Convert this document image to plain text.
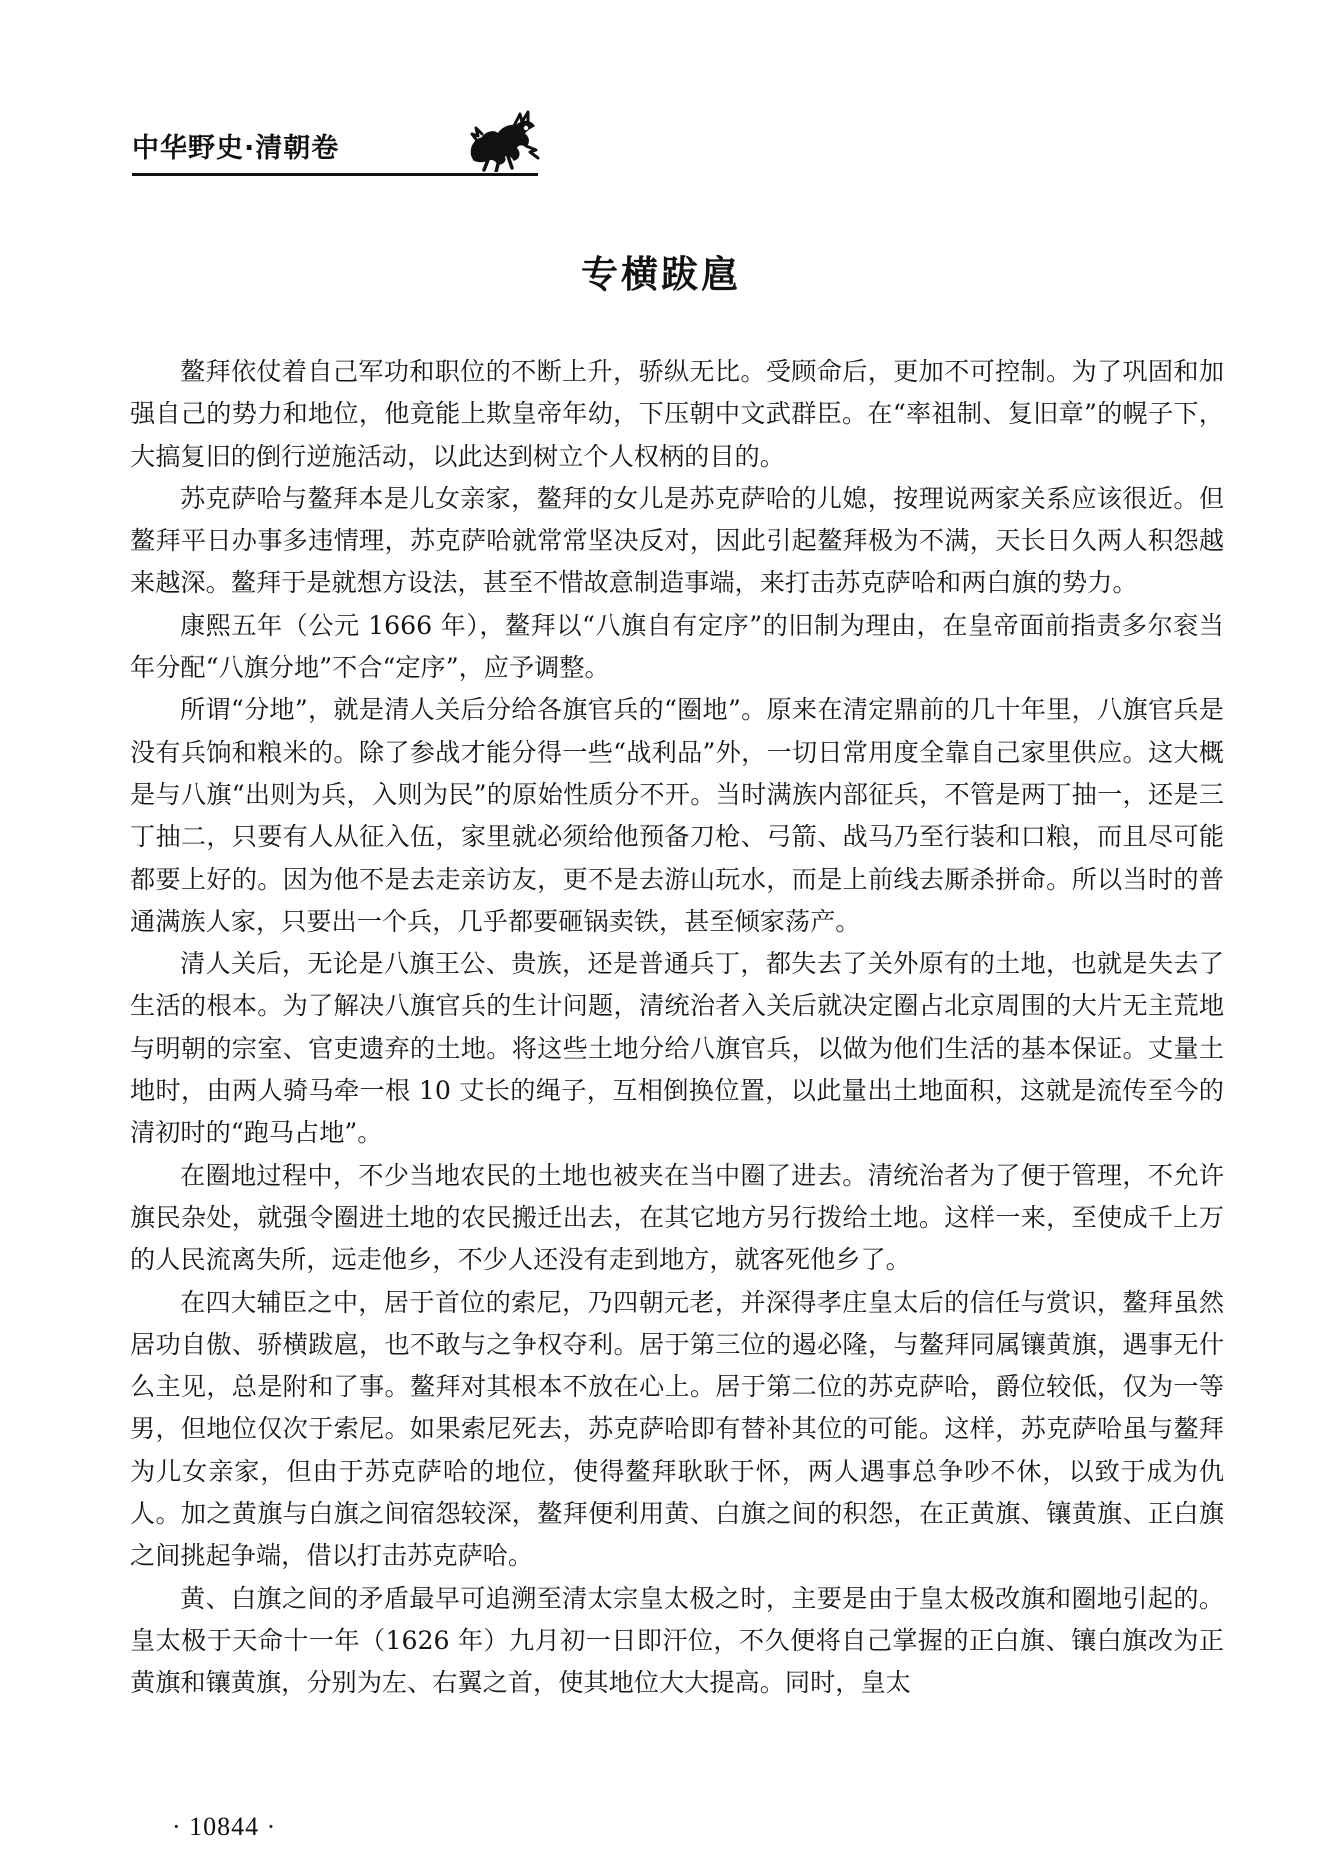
中华野史·清朝卷
专横跋扈

鳌拜依仗着自己军功和职位的不断上升，骄纵无比。受顾命后，更加不可控制。为了巩固和加强自己的势力和地位，他竟能上欺皇帝年幼，下压朝中文武群臣。在“率祖制、复旧章”的幌子下，大搞复旧的倒行逆施活动，以此达到树立个人权柄的目的。

苏克萨哈与鳌拜本是儿女亲家，鳌拜的女儿是苏克萨哈的儿媳，按理说两家关系应该很近。但鳌拜平日办事多违情理，苏克萨哈就常常坚决反对，因此引起鳌拜极为不满，天长日久两人积怨越来越深。鳌拜于是就想方设法，甚至不惜故意制造事端，来打击苏克萨哈和两白旗的势力。

康熙五年（公元 1666 年），鳌拜以“八旗自有定序”的旧制为理由，在皇帝面前指责多尔衮当年分配“八旗分地”不合“定序”，应予调整。

所谓“分地”，就是清人关后分给各旗官兵的“圈地”。原来在清定鼎前的几十年里，八旗官兵是没有兵饷和粮米的。除了参战才能分得一些“战利品”外，一切日常用度全靠自己家里供应。这大概是与八旗“出则为兵，入则为民”的原始性质分不开。当时满族内部征兵，不管是两丁抽一，还是三丁抽二，只要有人从征入伍，家里就必须给他预备刀枪、弓箭、战马乃至行装和口粮，而且尽可能都要上好的。因为他不是去走亲访友，更不是去游山玩水，而是上前线去厮杀拼命。所以当时的普通满族人家，只要出一个兵，几乎都要砸锅卖铁，甚至倾家荡产。

清人关后，无论是八旗王公、贵族，还是普通兵丁，都失去了关外原有的土地，也就是失去了生活的根本。为了解决八旗官兵的生计问题，清统治者入关后就决定圈占北京周围的大片无主荒地与明朝的宗室、官吏遗弃的土地。将这些土地分给八旗官兵，以做为他们生活的基本保证。丈量土地时，由两人骑马牵一根 10 丈长的绳子，互相倒换位置，以此量出土地面积，这就是流传至今的清初时的“跑马占地”。

在圈地过程中，不少当地农民的土地也被夹在当中圈了进去。清统治者为了便于管理，不允许旗民杂处，就强令圈进土地的农民搬迁出去，在其它地方另行拨给土地。这样一来，至使成千上万的人民流离失所，远走他乡，不少人还没有走到地方，就客死他乡了。

在四大辅臣之中，居于首位的索尼，乃四朝元老，并深得孝庄皇太后的信任与赏识，鳌拜虽然居功自傲、骄横跋扈，也不敢与之争权夺利。居于第三位的遏必隆，与鳌拜同属镶黄旗，遇事无什么主见，总是附和了事。鳌拜对其根本不放在心上。居于第二位的苏克萨哈，爵位较低，仅为一等男，但地位仅次于索尼。如果索尼死去，苏克萨哈即有替补其位的可能。这样，苏克萨哈虽与鳌拜为儿女亲家，但由于苏克萨哈的地位，使得鳌拜耿耿于怀，两人遇事总争吵不休，以致于成为仇人。加之黄旗与白旗之间宿怨较深，鳌拜便利用黄、白旗之间的积怨，在正黄旗、镶黄旗、正白旗之间挑起争端，借以打击苏克萨哈。

黄、白旗之间的矛盾最早可追溯至清太宗皇太极之时，主要是由于皇太极改旗和圈地引起的。皇太极于天命十一年（1626 年）九月初一日即汗位，不久便将自己掌握的正白旗、镶白旗改为正黄旗和镶黄旗，分别为左、右翼之首，使其地位大大提高。同时，皇太

· 10844 ·
